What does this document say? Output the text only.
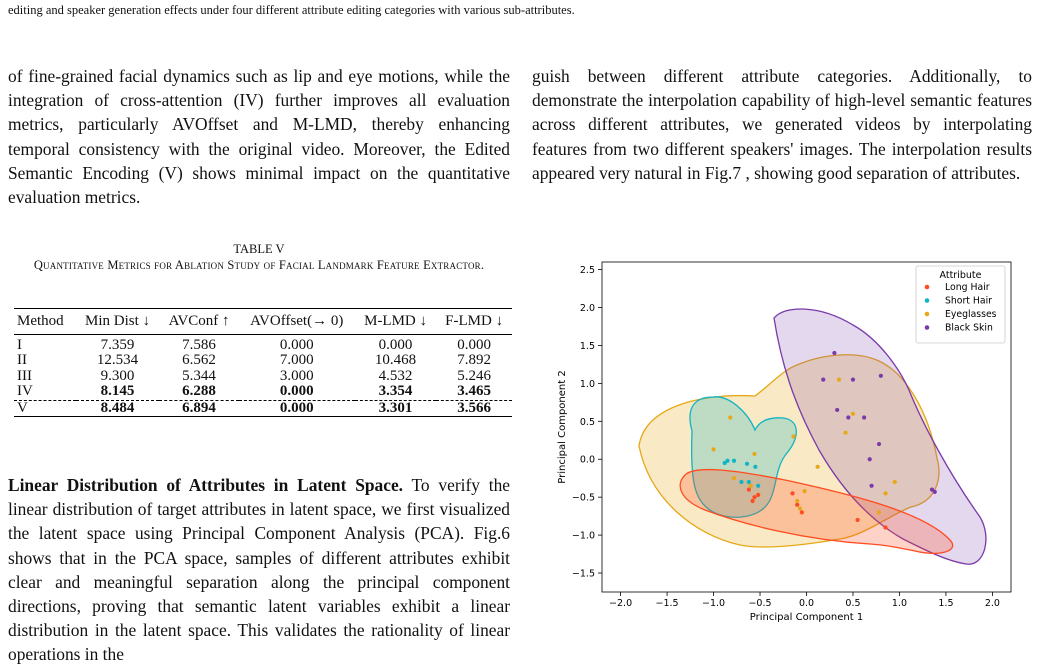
editing and speaker generation effects under four different attribute editing categories with various sub-attributes.

of fine-grained facial dynamics such as lip and eye motions, while the integration of cross-attention (IV) further improves all evaluation metrics, particularly AVOffset and M-LMD, thereby enhancing temporal consistency with the original video. Moreover, the Edited Semantic Encoding (V) shows minimal impact on the quantitative evaluation metrics.

guish between different attribute categories. Additionally, to demonstrate the interpolation capability of high-level semantic features across different attributes, we generated videos by interpolating features from two different speakers' images. The interpolation results appeared very natural in Fig.7 , showing good separation of attributes.

TABLE V
Quantitative Metrics for Ablation Study of Facial Landmark Feature Extractor.
Method	Min Dist ↓	AVConf ↑	AVOffset(→ 0)	M-LMD ↓	F-LMD ↓
I	7.359	7.586	0.000	0.000	0.000
II	12.534	6.562	7.000	10.468	7.892
III	9.300	5.344	3.000	4.532	5.246
IV	8.145	6.288	0.000	3.354	3.465
V	8.484	6.894	0.000	3.301	3.566

Linear Distribution of Attributes in Latent Space. To verify the linear distribution of target attributes in latent space, we first visualized the latent space using Principal Component Analysis (PCA). Fig.6 shows that in the PCA space, samples of different attributes exhibit clear and meaningful separation along the principal component directions, proving that semantic latent variables exhibit a linear distribution in the latent space. This validates the rationality of linear operations in the

−2.0 −1.5 −1.0 −0.5	0.0	0.5	1.0	1.5	2.0
−1.5
−1.0
−0.5
0.0
0.5
1.0
1.5
2.0
2.5
Principal Component 1
Principal Component 2
Attribute
Long Hair
Short Hair
Eyeglasses
Black Skin
